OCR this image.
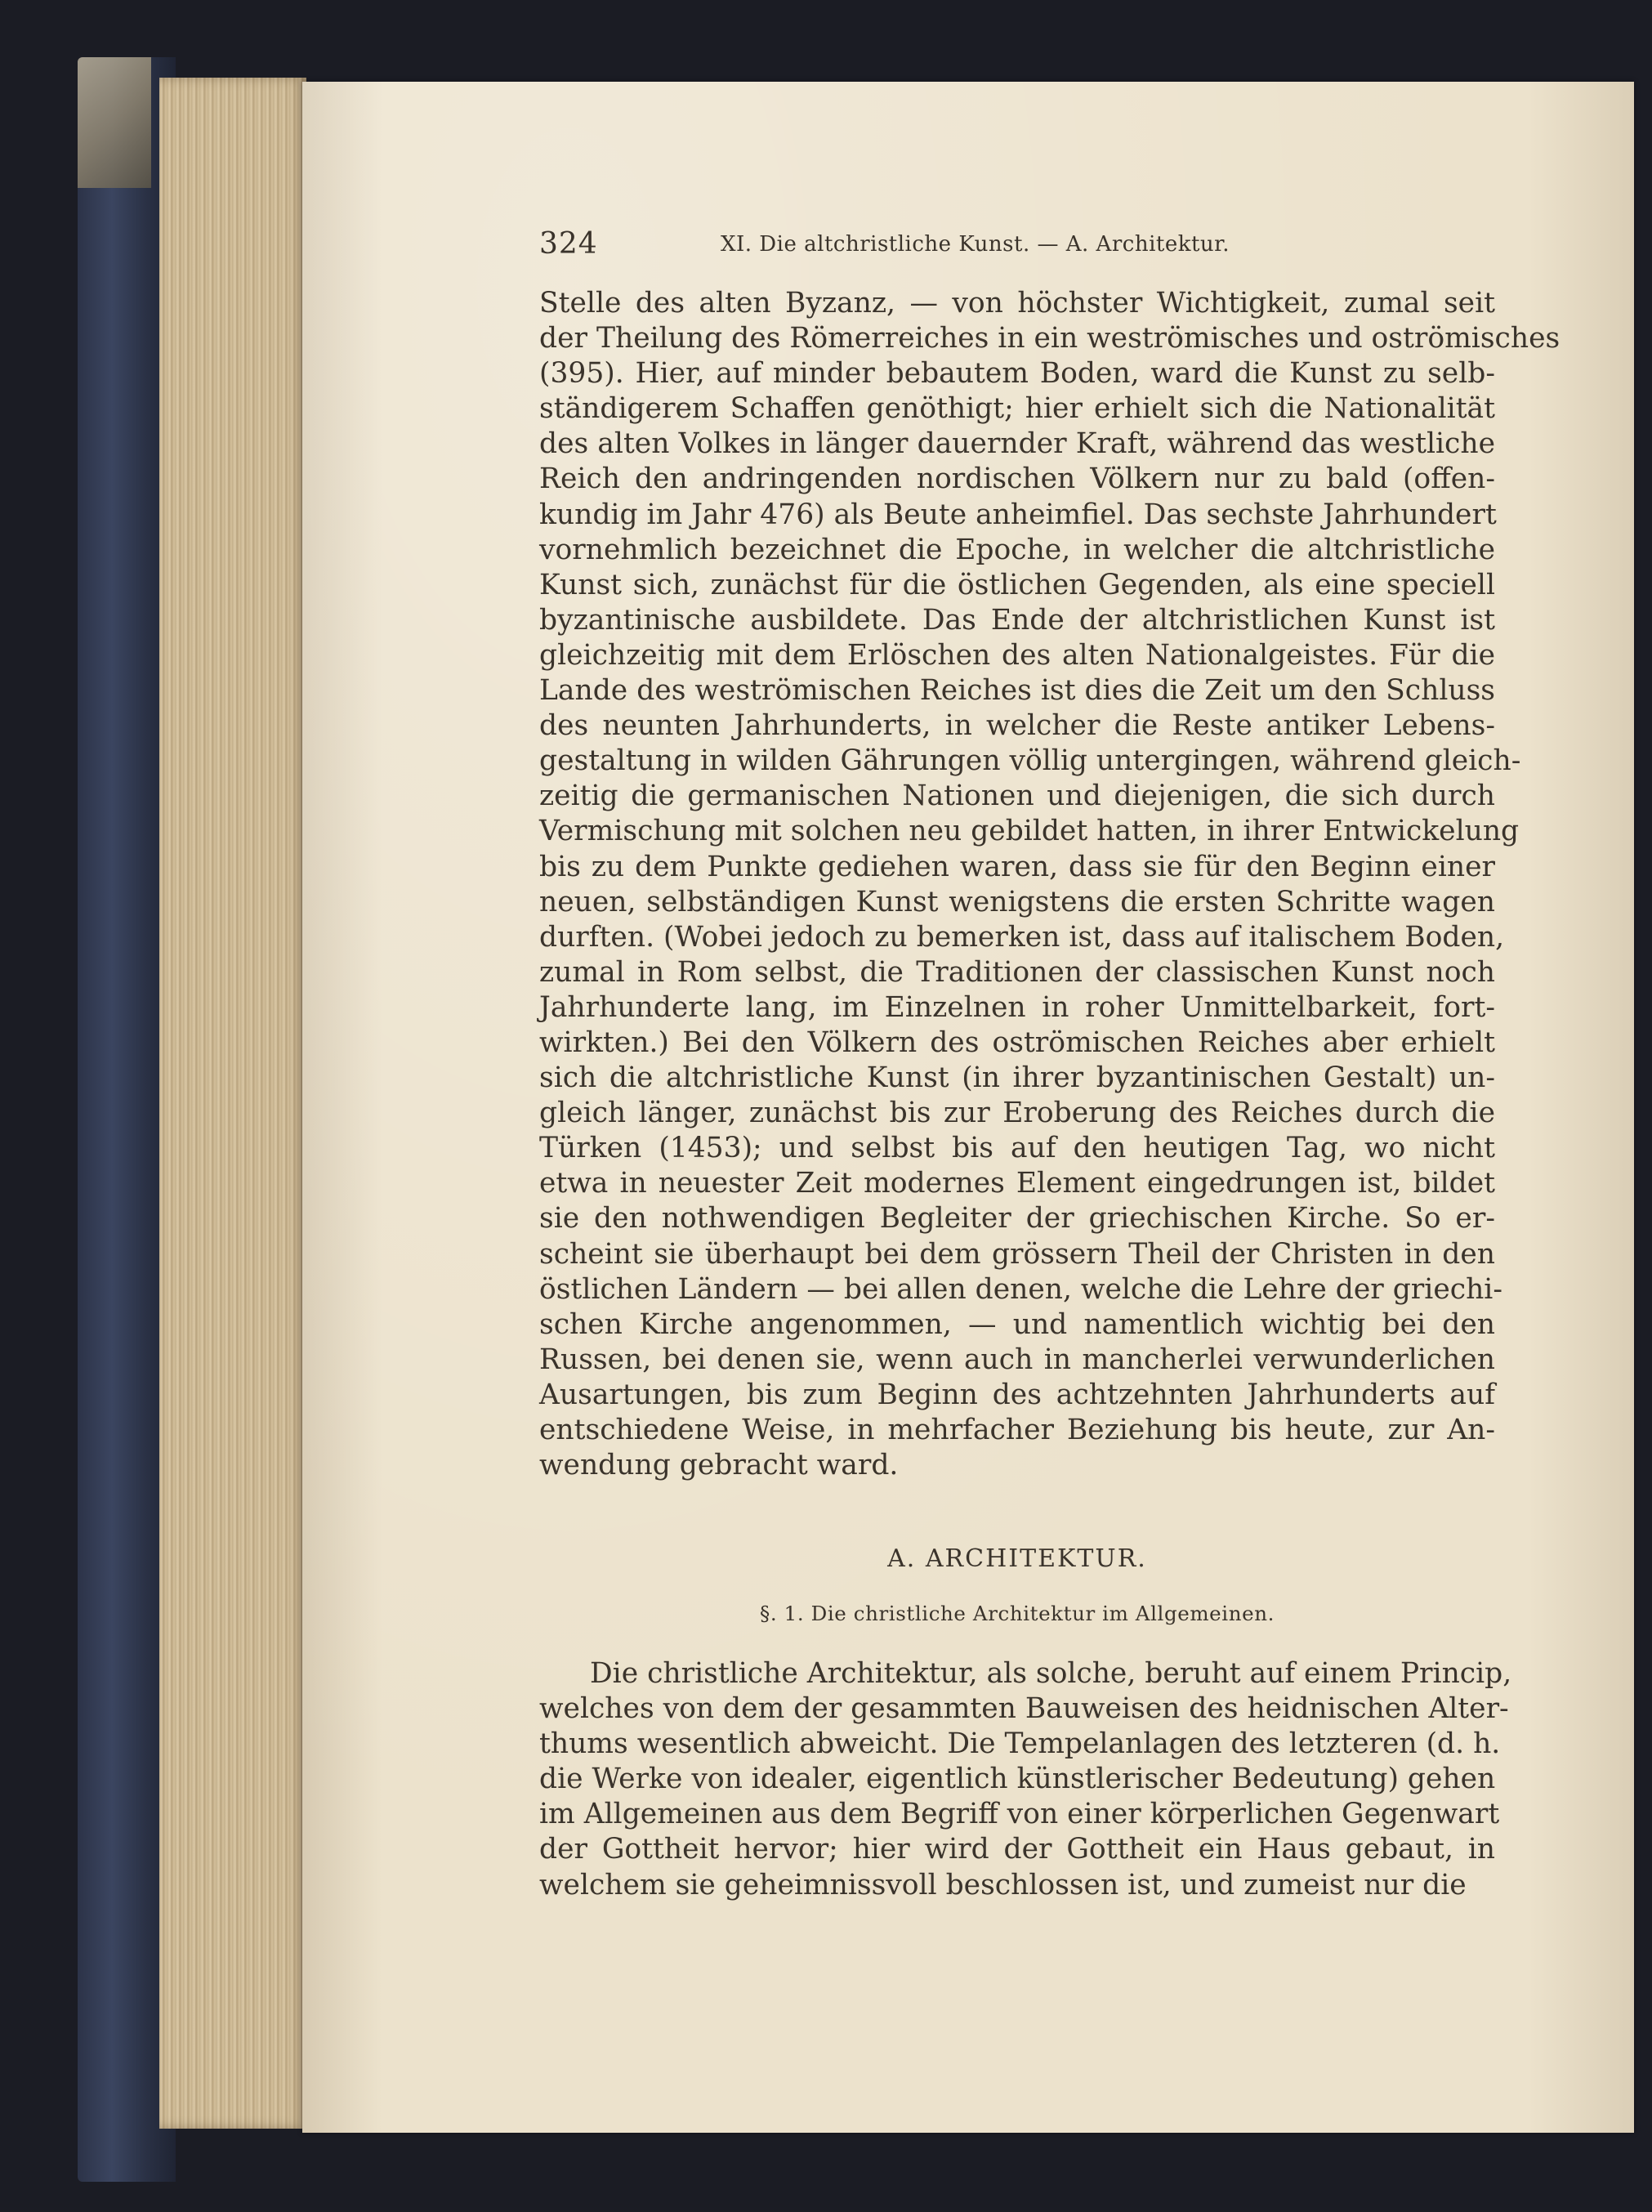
324	XI. Die altchristliche Kunst. — A. Architektur.
Stelle des alten Byzanz, — von höchster Wichtigkeit, zumal seit
der Theilung des Römerreiches in ein weströmisches und oströmisches
(395). Hier, auf minder bebautem Boden, ward die Kunst zu selb-
ständigerem Schaffen genöthigt; hier erhielt sich die Nationalität
des alten Volkes in länger dauernder Kraft, während das westliche
Reich den andringenden nordischen Völkern nur zu bald (offen-
kundig im Jahr 476) als Beute anheimfiel. Das sechste Jahrhundert
vornehmlich bezeichnet die Epoche, in welcher die altchristliche
Kunst sich, zunächst für die östlichen Gegenden, als eine speciell
byzantinische ausbildete. Das Ende der altchristlichen Kunst ist
gleichzeitig mit dem Erlöschen des alten Nationalgeistes. Für die
Lande des weströmischen Reiches ist dies die Zeit um den Schluss
des neunten Jahrhunderts, in welcher die Reste antiker Lebens-
gestaltung in wilden Gährungen völlig untergingen, während gleich-
zeitig die germanischen Nationen und diejenigen, die sich durch
Vermischung mit solchen neu gebildet hatten, in ihrer Entwickelung
bis zu dem Punkte gediehen waren, dass sie für den Beginn einer
neuen, selbständigen Kunst wenigstens die ersten Schritte wagen
durften. (Wobei jedoch zu bemerken ist, dass auf italischem Boden,
zumal in Rom selbst, die Traditionen der classischen Kunst noch
Jahrhunderte lang, im Einzelnen in roher Unmittelbarkeit, fort-
wirkten.) Bei den Völkern des oströmischen Reiches aber erhielt
sich die altchristliche Kunst (in ihrer byzantinischen Gestalt) un-
gleich länger, zunächst bis zur Eroberung des Reiches durch die
Türken (1453); und selbst bis auf den heutigen Tag, wo nicht
etwa in neuester Zeit modernes Element eingedrungen ist, bildet
sie den nothwendigen Begleiter der griechischen Kirche. So er-
scheint sie überhaupt bei dem grössern Theil der Christen in den
östlichen Ländern — bei allen denen, welche die Lehre der griechi-
schen Kirche angenommen, — und namentlich wichtig bei den
Russen, bei denen sie, wenn auch in mancherlei verwunderlichen
Ausartungen, bis zum Beginn des achtzehnten Jahrhunderts auf
entschiedene Weise, in mehrfacher Beziehung bis heute, zur An-
wendung gebracht ward.
A. ARCHITEKTUR.
§. 1. Die christliche Architektur im Allgemeinen.
Die christliche Architektur, als solche, beruht auf einem Princip,
welches von dem der gesammten Bauweisen des heidnischen Alter-
thums wesentlich abweicht. Die Tempelanlagen des letzteren (d. h.
die Werke von idealer, eigentlich künstlerischer Bedeutung) gehen
im Allgemeinen aus dem Begriff von einer körperlichen Gegenwart
der Gottheit hervor; hier wird der Gottheit ein Haus gebaut, in
welchem sie geheimnissvoll beschlossen ist, und zumeist nur die
